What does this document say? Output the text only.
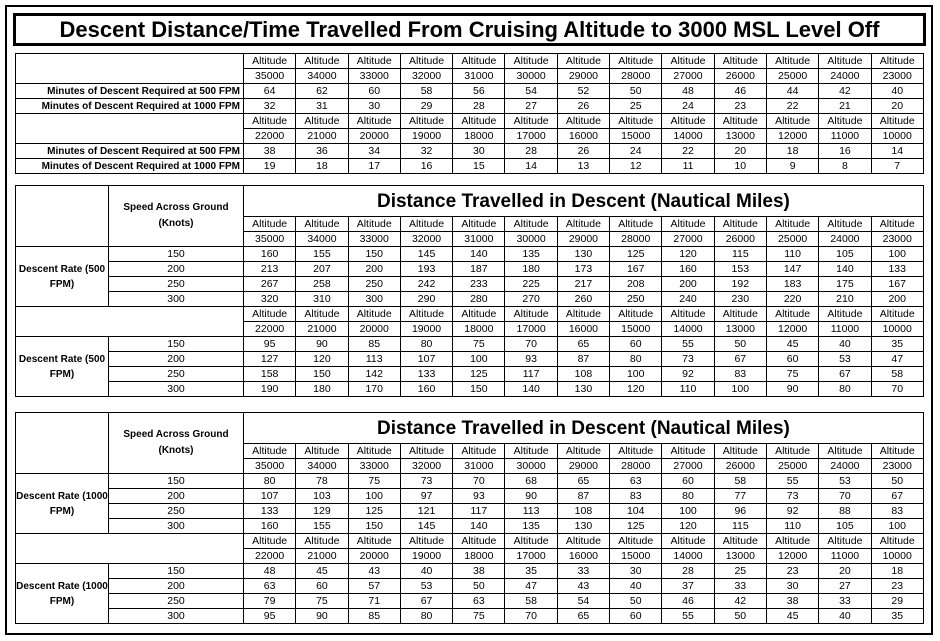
Descent Distance/Time Travelled From Cruising Altitude to 3000 MSL Level Off
	Altitude	Altitude	Altitude	Altitude	Altitude	Altitude	Altitude	Altitude	Altitude	Altitude	Altitude	Altitude	Altitude
	35000	34000	33000	32000	31000	30000	29000	28000	27000	26000	25000	24000	23000
Minutes of Descent Required at 500 FPM	64	62	60	58	56	54	52	50	48	46	44	42	40
Minutes of Descent Required at 1000 FPM	32	31	30	29	28	27	26	25	24	23	22	21	20
	Altitude	Altitude	Altitude	Altitude	Altitude	Altitude	Altitude	Altitude	Altitude	Altitude	Altitude	Altitude	Altitude
	22000	21000	20000	19000	18000	17000	16000	15000	14000	13000	12000	11000	10000
Minutes of Descent Required at 500 FPM	38	36	34	32	30	28	26	24	22	20	18	16	14
Minutes of Descent Required at 1000 FPM	19	18	17	16	15	14	13	12	11	10	9	8	7
	Speed Across Ground (Knots)	Distance Travelled in Descent (Nautical Miles)												
		Altitude	Altitude	Altitude	Altitude	Altitude	Altitude	Altitude	Altitude	Altitude	Altitude	Altitude	Altitude	Altitude
		35000	34000	33000	32000	31000	30000	29000	28000	27000	26000	25000	24000	23000
Descent Rate (500 FPM)	150	160	155	150	145	140	135	130	125	120	115	110	105	100
	200	213	207	200	193	187	180	173	167	160	153	147	140	133
	250	267	258	250	242	233	225	217	208	200	192	183	175	167
	300	320	310	300	290	280	270	260	250	240	230	220	210	200
		Altitude	Altitude	Altitude	Altitude	Altitude	Altitude	Altitude	Altitude	Altitude	Altitude	Altitude	Altitude	Altitude
		22000	21000	20000	19000	18000	17000	16000	15000	14000	13000	12000	11000	10000
Descent Rate (500 FPM)	150	95	90	85	80	75	70	65	60	55	50	45	40	35
	200	127	120	113	107	100	93	87	80	73	67	60	53	47
	250	158	150	142	133	125	117	108	100	92	83	75	67	58
	300	190	180	170	160	150	140	130	120	110	100	90	80	70
	Speed Across Ground (Knots)	Distance Travelled in Descent (Nautical Miles)												
		Altitude	Altitude	Altitude	Altitude	Altitude	Altitude	Altitude	Altitude	Altitude	Altitude	Altitude	Altitude	Altitude
		35000	34000	33000	32000	31000	30000	29000	28000	27000	26000	25000	24000	23000
Descent Rate (1000 FPM)	150	80	78	75	73	70	68	65	63	60	58	55	53	50
	200	107	103	100	97	93	90	87	83	80	77	73	70	67
	250	133	129	125	121	117	113	108	104	100	96	92	88	83
	300	160	155	150	145	140	135	130	125	120	115	110	105	100
		Altitude	Altitude	Altitude	Altitude	Altitude	Altitude	Altitude	Altitude	Altitude	Altitude	Altitude	Altitude	Altitude
		22000	21000	20000	19000	18000	17000	16000	15000	14000	13000	12000	11000	10000
Descent Rate (1000 FPM)	150	48	45	43	40	38	35	33	30	28	25	23	20	18
	200	63	60	57	53	50	47	43	40	37	33	30	27	23
	250	79	75	71	67	63	58	54	50	46	42	38	33	29
	300	95	90	85	80	75	70	65	60	55	50	45	40	35
